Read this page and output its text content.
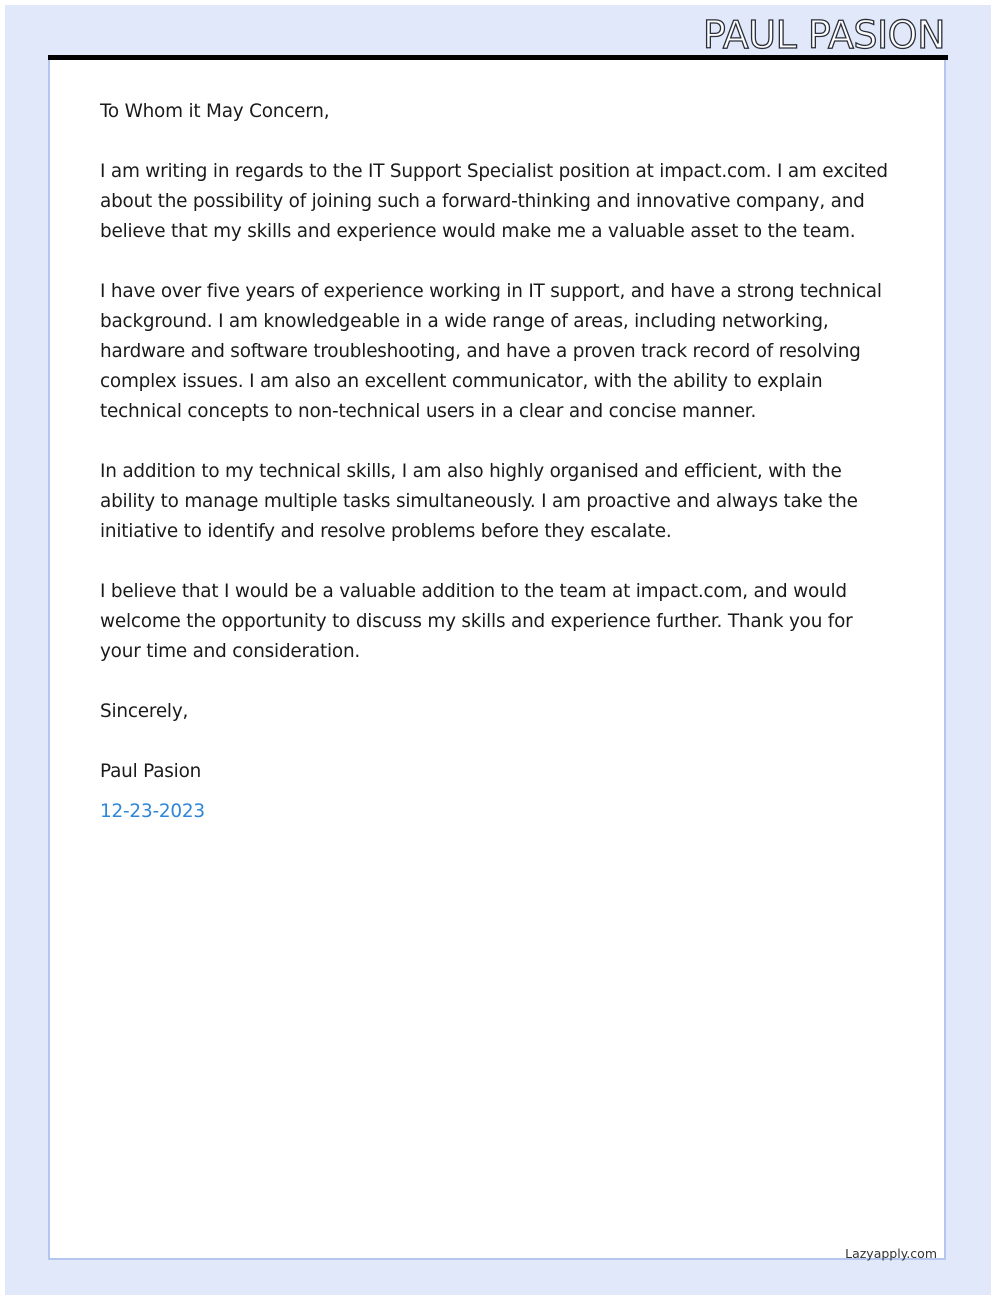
PAUL PASION

To Whom it May Concern,

I am writing in regards to the IT Support Specialist position at impact.com. I am excited about the possibility of joining such a forward-thinking and innovative company, and believe that my skills and experience would make me a valuable asset to the team.

I have over five years of experience working in IT support, and have a strong technical background. I am knowledgeable in a wide range of areas, including networking, hardware and software troubleshooting, and have a proven track record of resolving complex issues. I am also an excellent communicator, with the ability to explain technical concepts to non-technical users in a clear and concise manner.

In addition to my technical skills, I am also highly organised and efficient, with the ability to manage multiple tasks simultaneously. I am proactive and always take the initiative to identify and resolve problems before they escalate.

I believe that I would be a valuable addition to the team at impact.com, and would welcome the opportunity to discuss my skills and experience further. Thank you for your time and consideration.

Sincerely,

Paul Pasion

12-23-2023

Lazyapply.com
